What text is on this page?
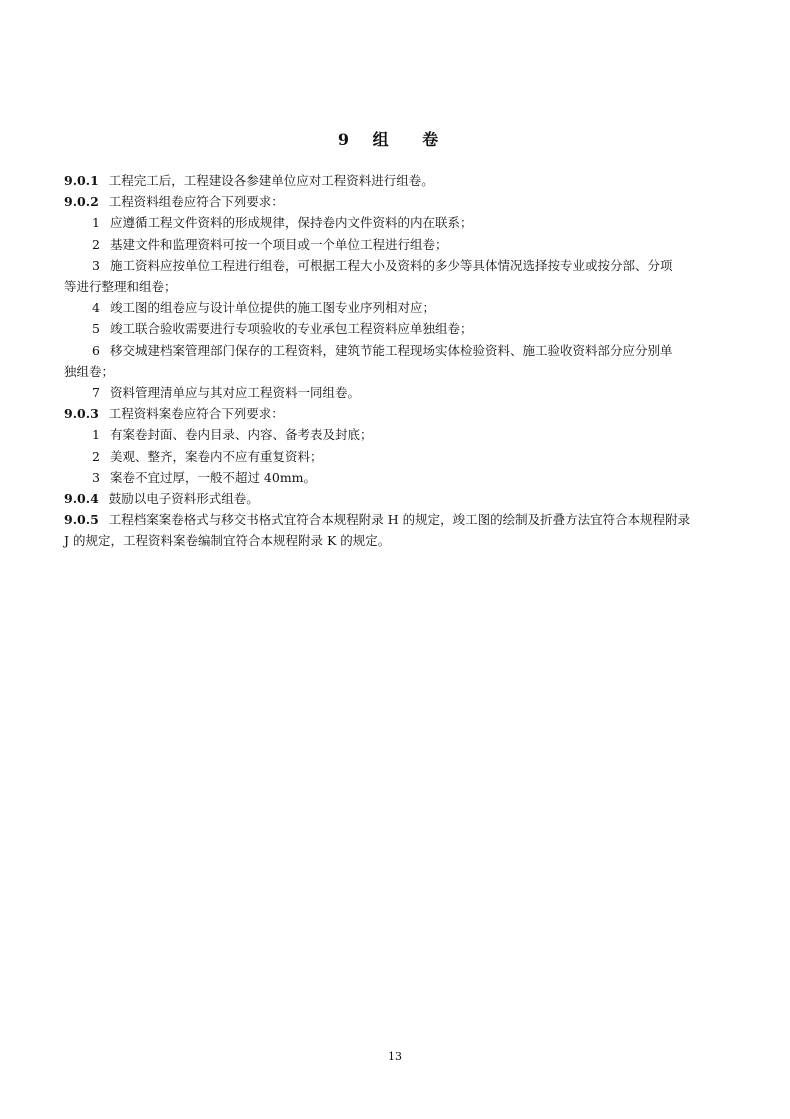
9 组 卷
9.0.1 工程完工后，工程建设各参建单位应对工程资料进行组卷。
9.0.2 工程资料组卷应符合下列要求：
1 应遵循工程文件资料的形成规律，保持卷内文件资料的内在联系；
2 基建文件和监理资料可按一个项目或一个单位工程进行组卷；
3 施工资料应按单位工程进行组卷，可根据工程大小及资料的多少等具体情况选择按专业或按分部、分项
等进行整理和组卷；
4 竣工图的组卷应与设计单位提供的施工图专业序列相对应；
5 竣工联合验收需要进行专项验收的专业承包工程资料应单独组卷；
6 移交城建档案管理部门保存的工程资料，建筑节能工程现场实体检验资料、施工验收资料部分应分别单
独组卷；
7 资料管理清单应与其对应工程资料一同组卷。
9.0.3 工程资料案卷应符合下列要求：
1 有案卷封面、卷内目录、内容、备考表及封底；
2 美观、整齐，案卷内不应有重复资料；
3 案卷不宜过厚，一般不超过 40mm。
9.0.4 鼓励以电子资料形式组卷。
9.0.5 工程档案案卷格式与移交书格式宜符合本规程附录 H 的规定，竣工图的绘制及折叠方法宜符合本规程附录
J 的规定，工程资料案卷编制宜符合本规程附录 K 的规定。
13
